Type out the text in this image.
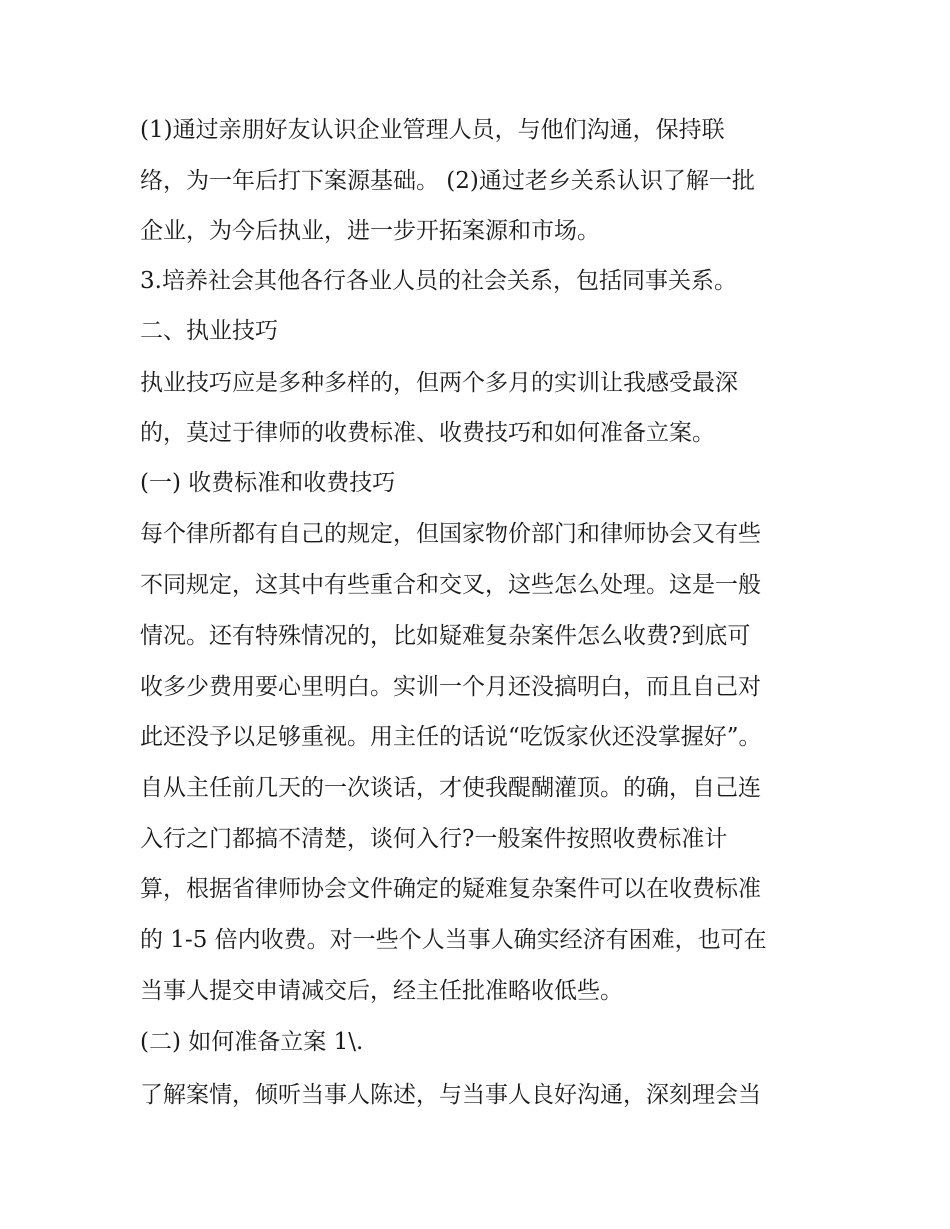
(1)通过亲朋好友认识企业管理人员，与他们沟通，保持联

络，为一年后打下案源基础。 (2)通过老乡关系认识了解一批

企业，为今后执业，进一步开拓案源和市场。

3.培养社会其他各行各业人员的社会关系，包括同事关系。

二、执业技巧

执业技巧应是多种多样的，但两个多月的实训让我感受最深

的，莫过于律师的收费标准、收费技巧和如何准备立案。

(一) 收费标准和收费技巧

每个律所都有自己的规定，但国家物价部门和律师协会又有些

不同规定，这其中有些重合和交叉，这些怎么处理。这是一般

情况。还有特殊情况的，比如疑难复杂案件怎么收费?到底可

收多少费用要心里明白。实训一个月还没搞明白，而且自己对

此还没予以足够重视。用主任的话说“吃饭家伙还没掌握好”。

自从主任前几天的一次谈话，才使我醍醐灌顶。的确，自己连

入行之门都搞不清楚，谈何入行?一般案件按照收费标准计

算，根据省律师协会文件确定的疑难复杂案件可以在收费标准

的 1-5 倍内收费。对一些个人当事人确实经济有困难，也可在

当事人提交申请减交后，经主任批准略收低些。

(二) 如何准备立案 1\.

了解案情，倾听当事人陈述，与当事人良好沟通，深刻理会当
